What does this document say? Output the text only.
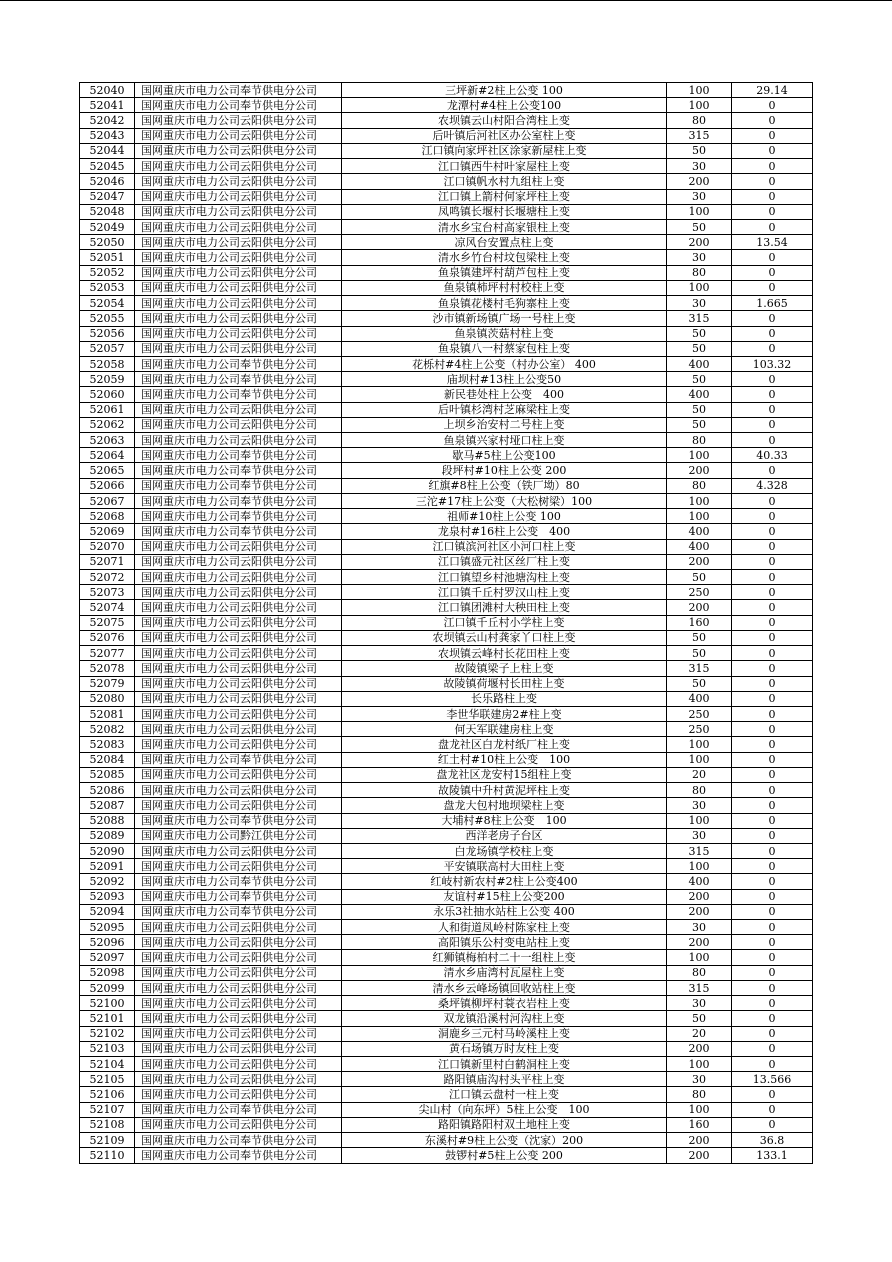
52040	国网重庆市电力公司奉节供电分公司	三坪新#2柱上公变 100	100	29.14
52041	国网重庆市电力公司奉节供电分公司	龙潭村#4柱上公变100	100	0
52042	国网重庆市电力公司云阳供电分公司	农坝镇云山村阳合湾柱上变	80	0
52043	国网重庆市电力公司云阳供电分公司	后叶镇后河社区办公室柱上变	315	0
52044	国网重庆市电力公司云阳供电分公司	江口镇向家坪社区涂家新屋柱上变	50	0
52045	国网重庆市电力公司云阳供电分公司	江口镇西牛村叶家屋柱上变	30	0
52046	国网重庆市电力公司云阳供电分公司	江口镇帆水村九组柱上变	200	0
52047	国网重庆市电力公司云阳供电分公司	江口镇上箭村何家坪柱上变	30	0
52048	国网重庆市电力公司云阳供电分公司	凤鸣镇长堰村长堰塘柱上变	100	0
52049	国网重庆市电力公司云阳供电分公司	清水乡宝台村高家银柱上变	50	0
52050	国网重庆市电力公司云阳供电分公司	凉风台安置点柱上变	200	13.54
52051	国网重庆市电力公司云阳供电分公司	清水乡竹台村坟包梁柱上变	30	0
52052	国网重庆市电力公司云阳供电分公司	鱼泉镇建坪村葫芦包柱上变	80	0
52053	国网重庆市电力公司云阳供电分公司	鱼泉镇柿坪村村校柱上变	100	0
52054	国网重庆市电力公司云阳供电分公司	鱼泉镇花楼村毛狗寨柱上变	30	1.665
52055	国网重庆市电力公司云阳供电分公司	沙市镇新场镇广场一号柱上变	315	0
52056	国网重庆市电力公司云阳供电分公司	鱼泉镇茨菇村柱上变	50	0
52057	国网重庆市电力公司云阳供电分公司	鱼泉镇八一村蔡家包柱上变	50	0
52058	国网重庆市电力公司奉节供电分公司	花栎村#4柱上公变（村办公室） 400	400	103.32
52059	国网重庆市电力公司奉节供电分公司	庙坝村#13柱上公变50	50	0
52060	国网重庆市电力公司奉节供电分公司	新民巷处柱上公变　400	400	0
52061	国网重庆市电力公司云阳供电分公司	后叶镇杉湾村芝麻梁柱上变	50	0
52062	国网重庆市电力公司云阳供电分公司	上坝乡治安村二号柱上变	50	0
52063	国网重庆市电力公司云阳供电分公司	鱼泉镇兴家村垭口柱上变	80	0
52064	国网重庆市电力公司奉节供电分公司	歇马#5柱上公变100	100	40.33
52065	国网重庆市电力公司奉节供电分公司	段坪村#10柱上公变 200	200	0
52066	国网重庆市电力公司奉节供电分公司	红旗#8柱上公变（铁厂坳）80	80	4.328
52067	国网重庆市电力公司奉节供电分公司	三沱#17柱上公变（大松树梁）100	100	0
52068	国网重庆市电力公司奉节供电分公司	祖师#10柱上公变 100	100	0
52069	国网重庆市电力公司奉节供电分公司	龙泉村#16柱上公变　400	400	0
52070	国网重庆市电力公司云阳供电分公司	江口镇滨河社区小河口柱上变	400	0
52071	国网重庆市电力公司云阳供电分公司	江口镇盛元社区丝厂柱上变	200	0
52072	国网重庆市电力公司云阳供电分公司	江口镇望乡村池塘沟柱上变	50	0
52073	国网重庆市电力公司云阳供电分公司	江口镇千丘村罗汉山柱上变	250	0
52074	国网重庆市电力公司云阳供电分公司	江口镇团滩村大秧田柱上变	200	0
52075	国网重庆市电力公司云阳供电分公司	江口镇千丘村小学柱上变	160	0
52076	国网重庆市电力公司云阳供电分公司	农坝镇云山村龚家丫口柱上变	50	0
52077	国网重庆市电力公司云阳供电分公司	农坝镇云峰村长花田柱上变	50	0
52078	国网重庆市电力公司云阳供电分公司	故陵镇梁子上柱上变	315	0
52079	国网重庆市电力公司云阳供电分公司	故陵镇荷堰村长田柱上变	50	0
52080	国网重庆市电力公司云阳供电分公司	长乐路柱上变	400	0
52081	国网重庆市电力公司云阳供电分公司	李世华联建房2#柱上变	250	0
52082	国网重庆市电力公司云阳供电分公司	何天军联建房柱上变	250	0
52083	国网重庆市电力公司云阳供电分公司	盘龙社区白龙村纸厂柱上变	100	0
52084	国网重庆市电力公司奉节供电分公司	红土村#10柱上公变　100	100	0
52085	国网重庆市电力公司云阳供电分公司	盘龙社区龙安村15组柱上变	20	0
52086	国网重庆市电力公司云阳供电分公司	故陵镇中升村黄泥坪柱上变	80	0
52087	国网重庆市电力公司云阳供电分公司	盘龙大包村地坝梁柱上变	30	0
52088	国网重庆市电力公司奉节供电分公司	大埔村#8柱上公变　100	100	0
52089	国网重庆市电力公司黔江供电分公司	西洋老房子台区	30	0
52090	国网重庆市电力公司云阳供电分公司	白龙场镇学校柱上变	315	0
52091	国网重庆市电力公司云阳供电分公司	平安镇联高村大田柱上变	100	0
52092	国网重庆市电力公司奉节供电分公司	红岐村新农村#2柱上公变400	400	0
52093	国网重庆市电力公司奉节供电分公司	友谊村#15柱上公变200	200	0
52094	国网重庆市电力公司奉节供电分公司	永乐3社抽水站柱上公变 400	200	0
52095	国网重庆市电力公司云阳供电分公司	人和街道凤岭村陈家柱上变	30	0
52096	国网重庆市电力公司云阳供电分公司	高阳镇乐公村变电站柱上变	200	0
52097	国网重庆市电力公司云阳供电分公司	红狮镇梅柏村二十一组柱上变	100	0
52098	国网重庆市电力公司云阳供电分公司	清水乡庙湾村瓦屋柱上变	80	0
52099	国网重庆市电力公司云阳供电分公司	清水乡云峰场镇回收站柱上变	315	0
52100	国网重庆市电力公司云阳供电分公司	桑坪镇柳坪村蓑衣岩柱上变	30	0
52101	国网重庆市电力公司云阳供电分公司	双龙镇沿溪村河沟柱上变	50	0
52102	国网重庆市电力公司云阳供电分公司	洞鹿乡三元村马岭溪柱上变	20	0
52103	国网重庆市电力公司云阳供电分公司	黄石场镇万时友柱上变	200	0
52104	国网重庆市电力公司云阳供电分公司	江口镇新里村白鹤洞柱上变	100	0
52105	国网重庆市电力公司云阳供电分公司	路阳镇庙沟村头平柱上变	30	13.566
52106	国网重庆市电力公司云阳供电分公司	江口镇云盘村一柱上变	80	0
52107	国网重庆市电力公司奉节供电分公司	尖山村（向东坪）5柱上公变　100	100	0
52108	国网重庆市电力公司云阳供电分公司	路阳镇路阳村双土地柱上变	160	0
52109	国网重庆市电力公司奉节供电分公司	东溪村#9柱上公变（沈家）200	200	36.8
52110	国网重庆市电力公司奉节供电分公司	鼓锣村#5柱上公变 200	200	133.1
